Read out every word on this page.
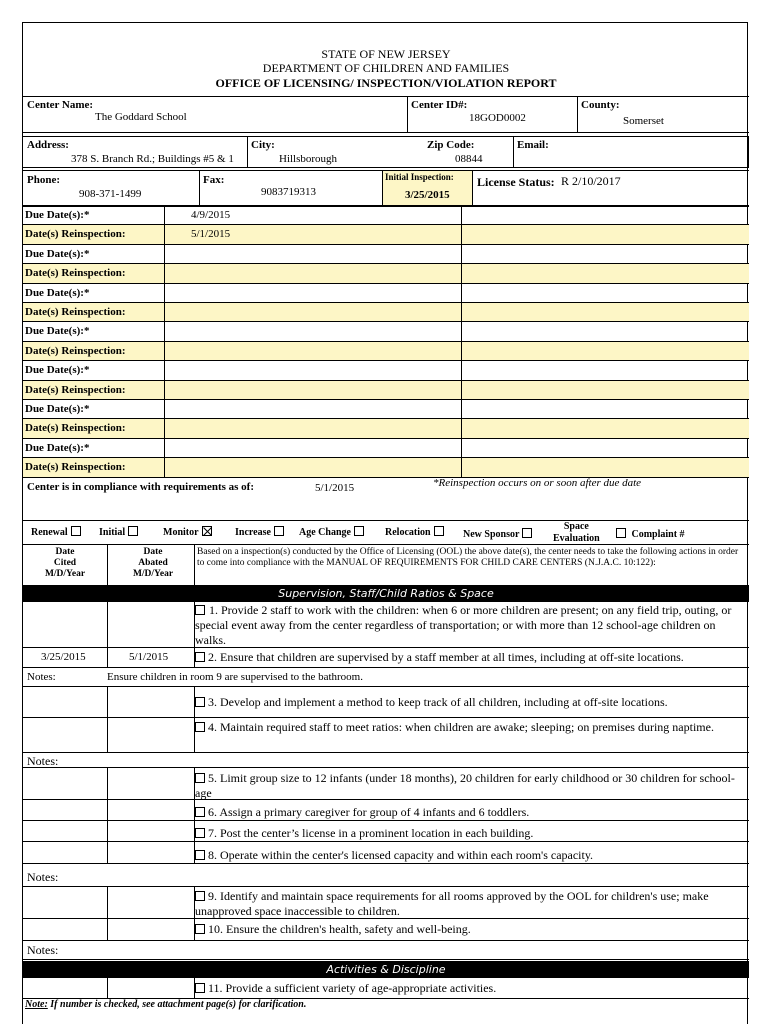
STATE OF NEW JERSEY
DEPARTMENT OF CHILDREN AND FAMILIES
OFFICE OF LICENSING/ INSPECTION/VIOLATION REPORT
Center Name:
The Goddard School
Center ID#:
18GOD0002
County:
Somerset
Address:
378 S. Branch Rd.; Buildings #5 & 1
City:
Hillsborough
Zip Code:
08844
Email:
Phone:
908-371-1499
Fax:
9083719313
Initial Inspection:
3/25/2015
License Status: R 2/10/2017
Due Date(s):*	4/9/2015
Date(s) Reinspection:	5/1/2015
Due Date(s):*
Date(s) Reinspection:
Due Date(s):*
Date(s) Reinspection:
Due Date(s):*
Date(s) Reinspection:
Due Date(s):*
Date(s) Reinspection:
Due Date(s):*
Date(s) Reinspection:
Due Date(s):*
Date(s) Reinspection:
Center is in compliance with requirements as of:	5/1/2015	*Reinspection occurs on or soon after due date
Renewal	Initial	Monitor	Increase	Age Change	Relocation	New Sponsor
Space
Evaluation	Complaint #
Date
Cited
M/D/Year
Date
Abated
M/D/Year
Based on a inspection(s) conducted by the Office of Licensing (OOL) the above date(s), the center needs to take the following actions in order to come into compliance with the MANUAL OF REQUIREMENTS FOR CHILD CARE CENTERS (N.J.A.C. 10:122):
Supervision, Staff/Child Ratios & Space
1. Provide 2 staff to work with the children: when 6 or more children are present; on any field trip, outing, or special event away from the center regardless of transportation; or with more than 12 school-age children on walks.
3/25/2015	5/1/2015	2. Ensure that children are supervised by a staff member at all times, including at off-site locations.
Notes:	Ensure children in room 9 are supervised to the bathroom.
3. Develop and implement a method to keep track of all children, including at off-site locations.
4. Maintain required staff to meet ratios: when children are awake; sleeping; on premises during naptime.
Notes:
5. Limit group size to 12 infants (under 18 months), 20 children for early childhood or 30 children for school-age
6. Assign a primary caregiver for group of 4 infants and 6 toddlers.
7. Post the center’s license in a prominent location in each building.
8. Operate within the center's licensed capacity and within each room's capacity.
Notes:
9. Identify and maintain space requirements for all rooms approved by the OOL for children's use; make unapproved space inaccessible to children.
10. Ensure the children's health, safety and well-being.
Notes:
Activities & Discipline
11. Provide a sufficient variety of age-appropriate activities.
Note: If number is checked, see attachment page(s) for clarification.
